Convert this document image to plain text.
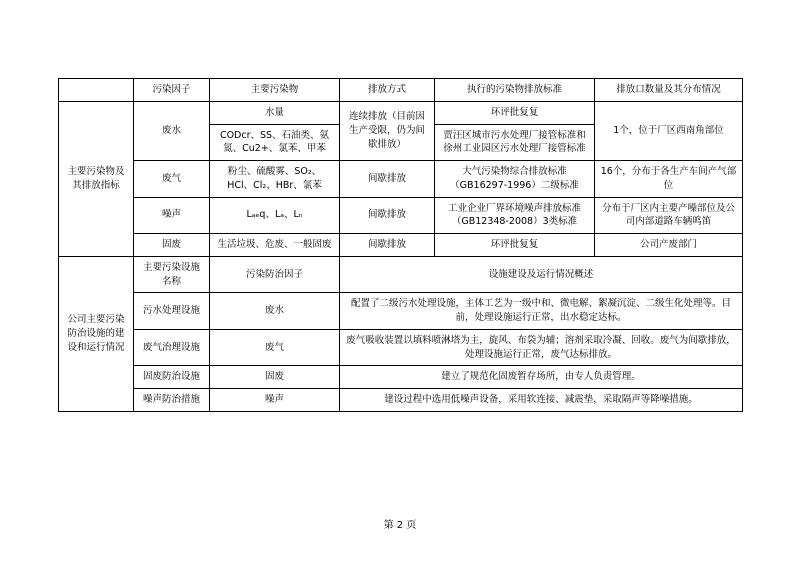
	污染因子	主要污染物	排放方式	执行的污染物排放标准	排放口数量及其分布情况
主要污染物及其排放指标	废水	水量	连续排放（目前因生产受限，仍为间歇排放）	环评批复复	1个，位于厂区西南角部位
		CODcr、SS、石油类、氨氮、Cu2+、氯苯、甲苯		贾汪区城市污水处理厂接管标准和徐州工业园区污水处理厂接管标准	
	废气	粉尘、硫酸雾、SO₂、HCl、Cl₂、HBr、氯苯	间歇排放	大气污染物综合排放标准（GB16297-1996）二级标准	16个，分布于各生产车间产气部位
	噪声	Lₐₑq、Lₐ、Lₙ	间歇排放	工业企业厂界环境噪声排放标准（GB12348-2008）3类标准	分布于厂区内主要产噪部位及公司内部道路车辆鸣笛
	固废	生活垃圾、危废、一般固废	间歇排放	环评批复复	公司产废部门
公司主要污染防治设施的建设和运行情况	主要污染设施名称	污染防治因子	设施建设及运行情况概述		
	污水处理设施	废水	配置了二级污水处理设施，主体工艺为一级中和、微电解、絮凝沉淀、二级生化处理等。目前，处理设施运行正常，出水稳定达标。		
	废气治理设施	废气	废气吸收装置以填料喷淋塔为主，旋风、布袋为辅；溶剂采取冷凝、回收。废气为间歇排放，处理设施运行正常，废气达标排放。		
	固废防治设施	固废	建立了规范化固废暂存场所，由专人负责管理。		
	噪声防治措施	噪声	建设过程中选用低噪声设备，采用软连接、减震垫，采取隔声等降噪措施。		
第 2 页
